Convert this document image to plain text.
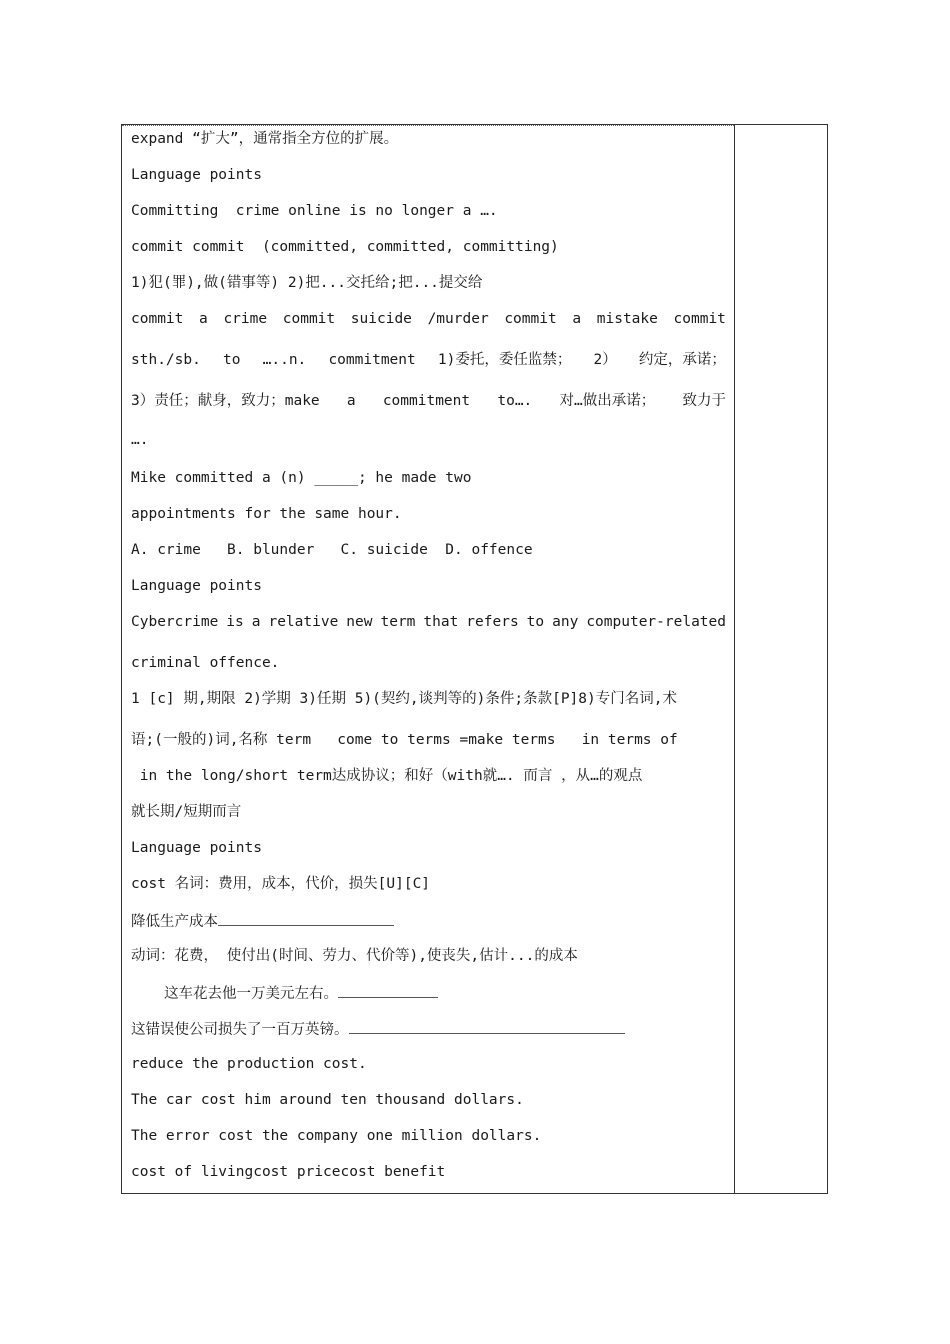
expand “扩大”，通常指全方位的扩展。
Language points
Committing  crime online is no longer a ….
commit commit  (committed, committed, committing)
1)犯(罪),做(错事等) 2)把...交托给;把...提交给
commit a crime commit suicide /murder commit a mistake commit
sth./sb. to …..n. commitment 1)委托，委任监禁； 2） 约定，承诺；
3）责任；献身，致力；make a commitment to…. 对…做出承诺； 致力于
….
Mike committed a (n) _____; he made two
appointments for the same hour.
A. crime   B. blunder   C. suicide  D. offence
Language points
Cybercrime is a relative new term that refers to any computer-related
criminal offence.
1 [c] 期,期限 2)学期 3)任期 5)(契约,谈判等的)条件;条款[P]8)专门名词,术
语;(一般的)词,名称 term   come to terms =make terms   in terms of
in the long/short term达成协议；和好（with就…. 而言 ，从…的观点
就长期/短期而言
Language points
cost 名词：费用，成本，代价，损失[U][C]
降低生产成本
动词：花费， 使付出(时间、劳力、代价等),使丧失,估计...的成本
这车花去他一万美元左右。
这错误使公司损失了一百万英镑。
reduce the production cost.
The car cost him around ten thousand dollars.
The error cost the company one million dollars.
cost of livingcost pricecost benefit
